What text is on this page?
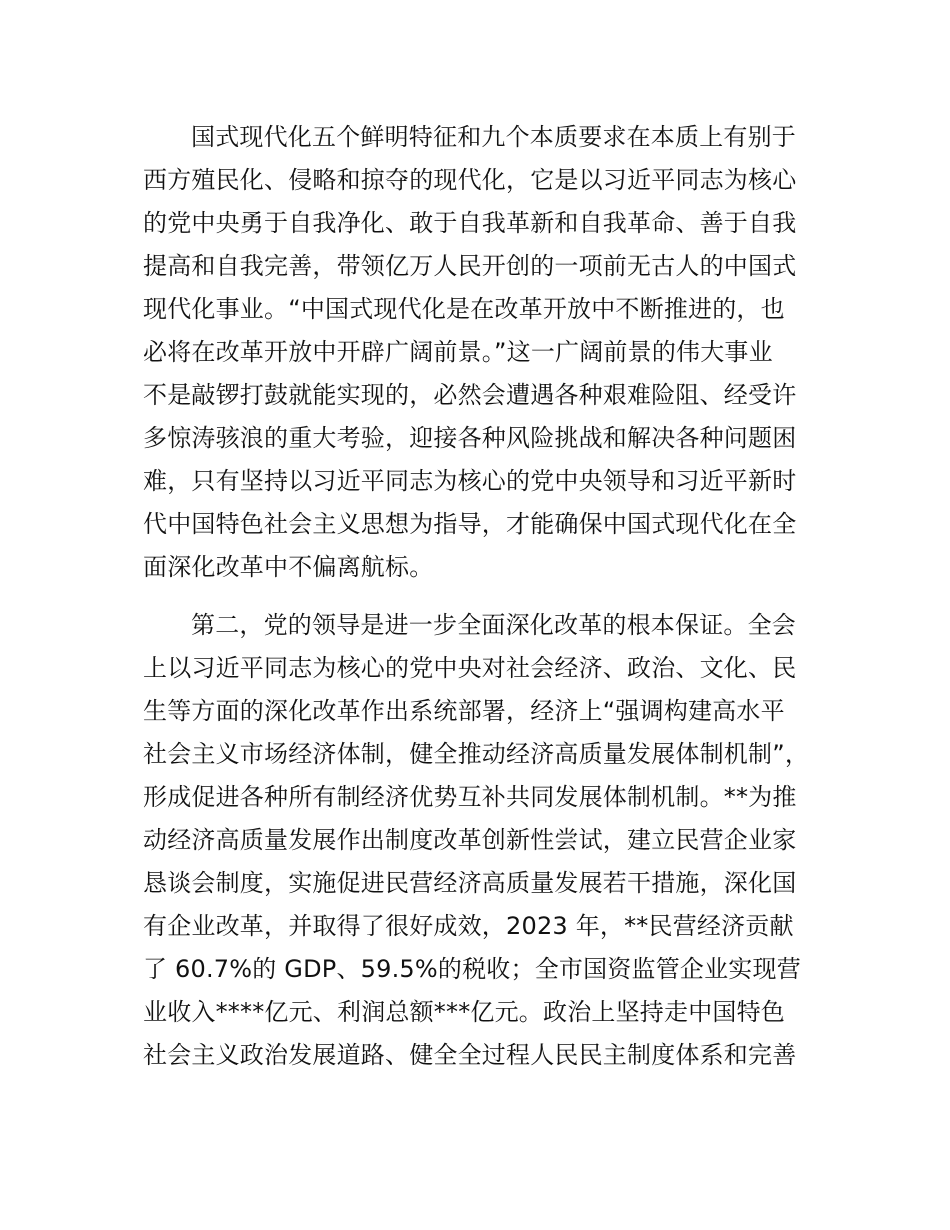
国式现代化五个鲜明特征和九个本质要求在本质上有别于
西方殖民化、侵略和掠夺的现代化，它是以习近平同志为核心
的党中央勇于自我净化、敢于自我革新和自我革命、善于自我
提高和自我完善，带领亿万人民开创的一项前无古人的中国式
现代化事业。“中国式现代化是在改革开放中不断推进的，也
必将在改革开放中开辟广阔前景。”这一广阔前景的伟大事业
不是敲锣打鼓就能实现的，必然会遭遇各种艰难险阻、经受许
多惊涛骇浪的重大考验，迎接各种风险挑战和解决各种问题困
难，只有坚持以习近平同志为核心的党中央领导和习近平新时
代中国特色社会主义思想为指导，才能确保中国式现代化在全
面深化改革中不偏离航标。
第二，党的领导是进一步全面深化改革的根本保证。全会
上以习近平同志为核心的党中央对社会经济、政治、文化、民
生等方面的深化改革作出系统部署，经济上“强调构建高水平
社会主义市场经济体制，健全推动经济高质量发展体制机制”，
形成促进各种所有制经济优势互补共同发展体制机制。**为推
动经济高质量发展作出制度改革创新性尝试，建立民营企业家
恳谈会制度，实施促进民营经济高质量发展若干措施，深化国
有企业改革，并取得了很好成效，2023 年，**民营经济贡献
了 60.7%的 GDP、59.5%的税收；全市国资监管企业实现营
业收入****亿元、利润总额***亿元。政治上坚持走中国特色
社会主义政治发展道路、健全全过程人民民主制度体系和完善
